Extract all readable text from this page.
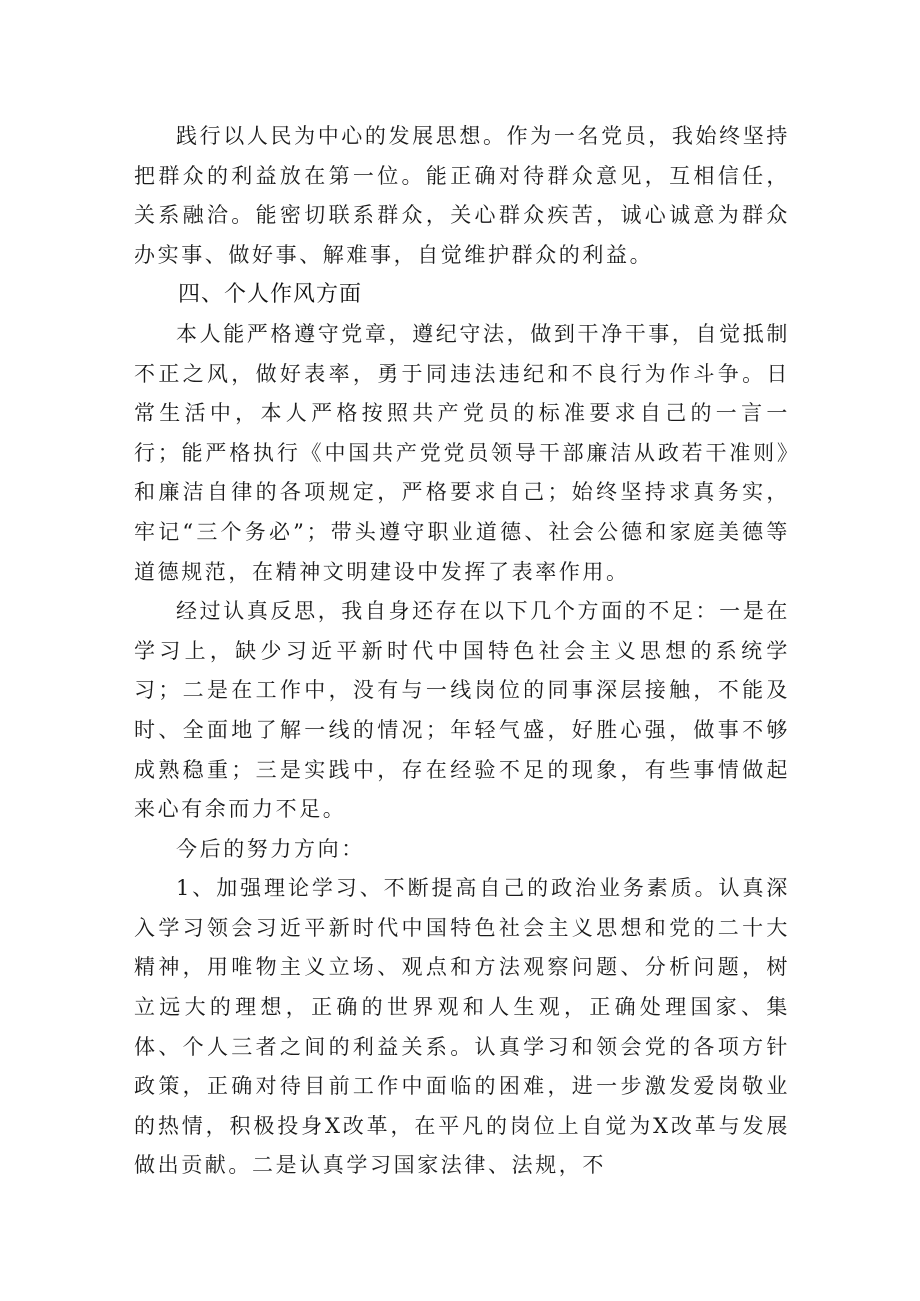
践行以人民为中心的发展思想。作为一名党员，我始终坚持把群众的利益放在第一位。能正确对待群众意见，互相信任，关系融洽。能密切联系群众，关心群众疾苦，诚心诚意为群众办实事、做好事、解难事，自觉维护群众的利益。

四、个人作风方面

本人能严格遵守党章，遵纪守法，做到干净干事，自觉抵制不正之风，做好表率，勇于同违法违纪和不良行为作斗争。日常生活中，本人严格按照共产党员的标准要求自己的一言一行；能严格执行《中国共产党党员领导干部廉洁从政若干准则》和廉洁自律的各项规定，严格要求自己；始终坚持求真务实，牢记“三个务必”；带头遵守职业道德、社会公德和家庭美德等道德规范，在精神文明建设中发挥了表率作用。

经过认真反思，我自身还存在以下几个方面的不足：一是在学习上，缺少习近平新时代中国特色社会主义思想的系统学习；二是在工作中，没有与一线岗位的同事深层接触，不能及时、全面地了解一线的情况；年轻气盛，好胜心强，做事不够成熟稳重；三是实践中，存在经验不足的现象，有些事情做起来心有余而力不足。

今后的努力方向：

1、加强理论学习、不断提高自己的政治业务素质。认真深入学习领会习近平新时代中国特色社会主义思想和党的二十大精神，用唯物主义立场、观点和方法观察问题、分析问题，树立远大的理想，正确的世界观和人生观，正确处理国家、集体、个人三者之间的利益关系。认真学习和领会党的各项方针政策，正确对待目前工作中面临的困难，进一步激发爱岗敬业的热情，积极投身X改革，在平凡的岗位上自觉为X改革与发展做出贡献。二是认真学习国家法律、法规，不
